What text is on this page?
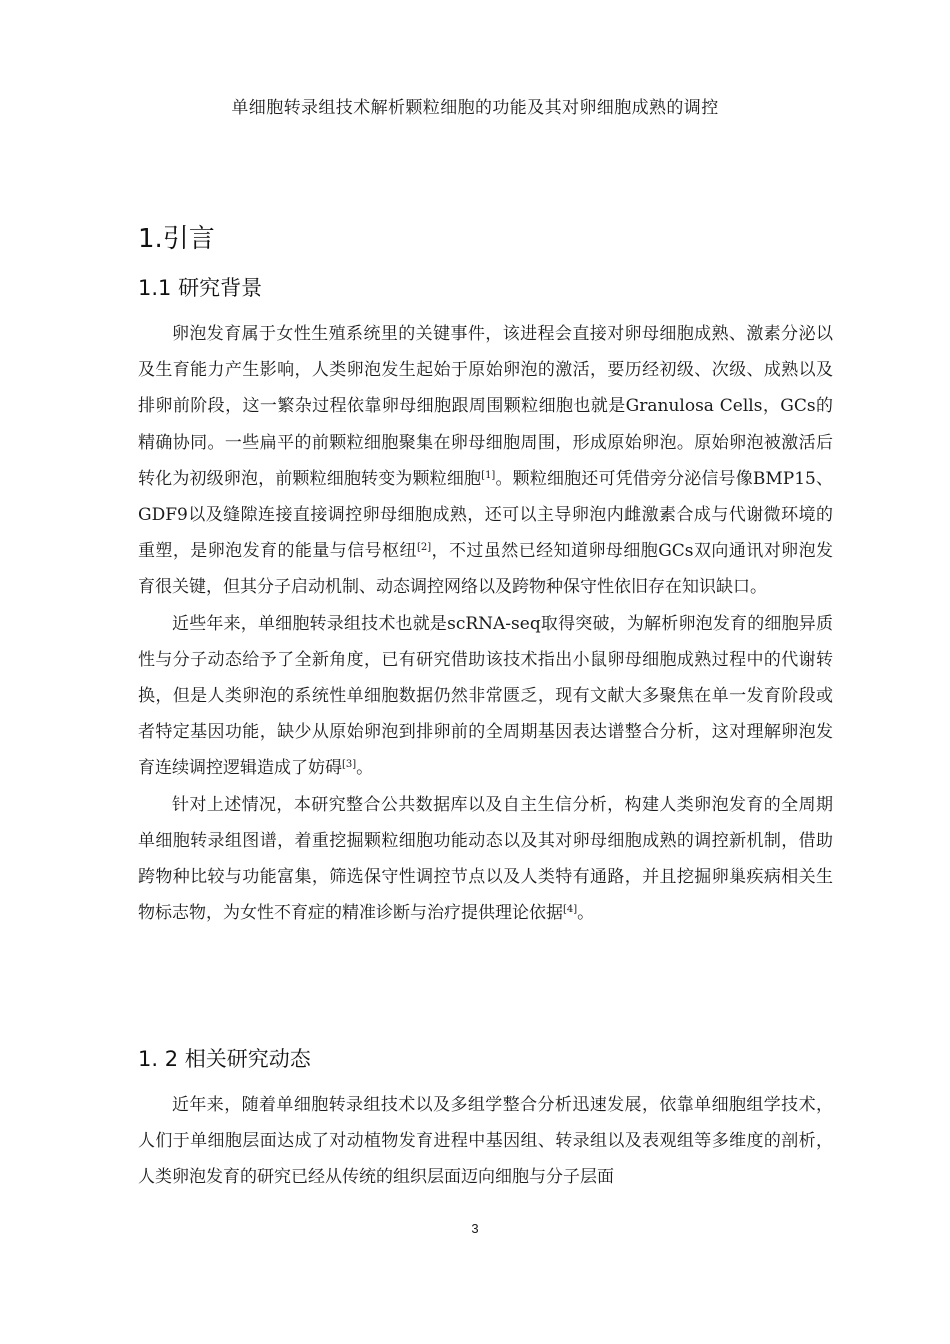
单细胞转录组技术解析颗粒细胞的功能及其对卵细胞成熟的调控
1.引言
1.1 研究背景

卵泡发育属于女性生殖系统里的关键事件，该进程会直接对卵母细胞成熟、激素分泌以及生育能力产生影响，人类卵泡发生起始于原始卵泡的激活，要历经初级、次级、成熟以及排卵前阶段，这一繁杂过程依靠卵母细胞跟周围颗粒细胞也就是Granulosa Cells，GCs的精确协同。一些扁平的前颗粒细胞聚集在卵母细胞周围，形成原始卵泡。原始卵泡被激活后转化为初级卵泡，前颗粒细胞转变为颗粒细胞[1]。颗粒细胞还可凭借旁分泌信号像BMP15、GDF9以及缝隙连接直接调控卵母细胞成熟，还可以主导卵泡内雌激素合成与代谢微环境的重塑，是卵泡发育的能量与信号枢纽[2]，不过虽然已经知道卵母细胞GCs双向通讯对卵泡发育很关键，但其分子启动机制、动态调控网络以及跨物种保守性依旧存在知识缺口。

近些年来，单细胞转录组技术也就是scRNA-seq取得突破，为解析卵泡发育的细胞异质性与分子动态给予了全新角度，已有研究借助该技术指出小鼠卵母细胞成熟过程中的代谢转换，但是人类卵泡的系统性单细胞数据仍然非常匮乏，现有文献大多聚焦在单一发育阶段或者特定基因功能，缺少从原始卵泡到排卵前的全周期基因表达谱整合分析，这对理解卵泡发育连续调控逻辑造成了妨碍[3]。

针对上述情况，本研究整合公共数据库以及自主生信分析，构建人类卵泡发育的全周期单细胞转录组图谱，着重挖掘颗粒细胞功能动态以及其对卵母细胞成熟的调控新机制，借助跨物种比较与功能富集，筛选保守性调控节点以及人类特有通路，并且挖掘卵巢疾病相关生物标志物，为女性不育症的精准诊断与治疗提供理论依据[4]。

1. 2 相关研究动态

近年来，随着单细胞转录组技术以及多组学整合分析迅速发展，依靠单细胞组学技术，人们于单细胞层面达成了对动植物发育进程中基因组、转录组以及表观组等多维度的剖析，人类卵泡发育的研究已经从传统的组织层面迈向细胞与分子层面

3
